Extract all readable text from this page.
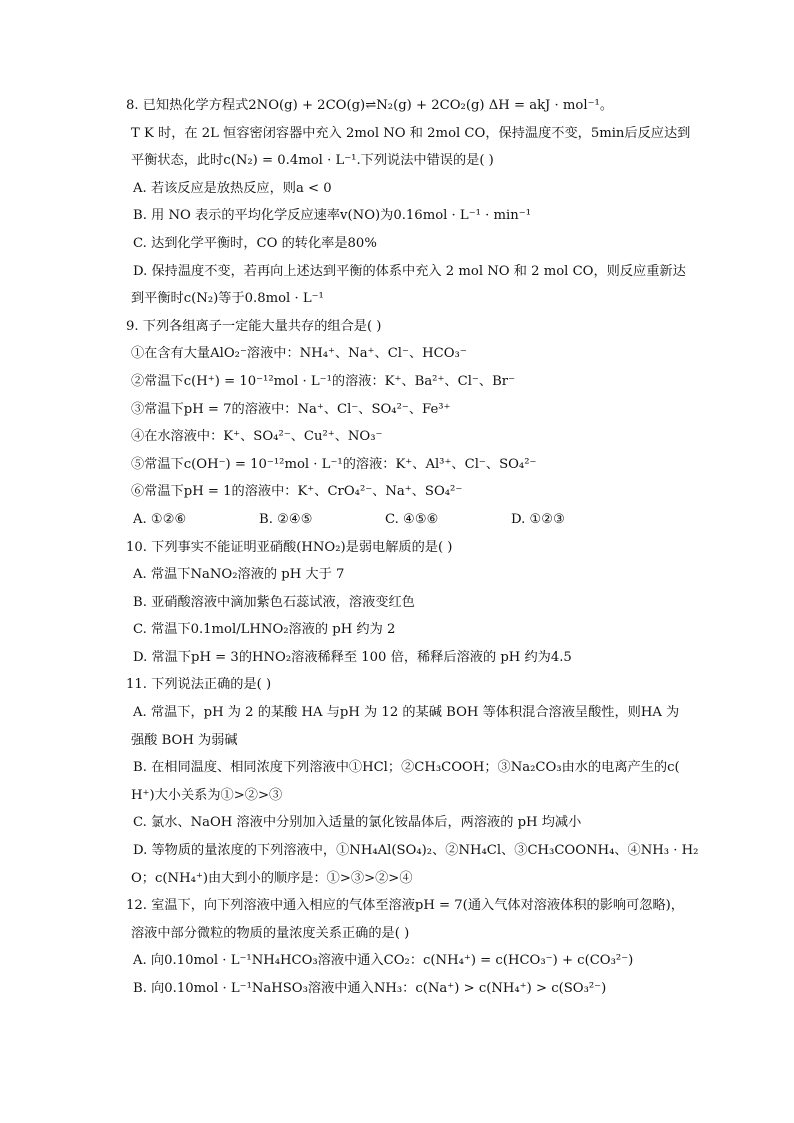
8. 已知热化学方程式2NO(g) + 2CO(g)⇌N₂(g) + 2CO₂(g) ΔH = akJ · mol⁻¹。
T K 时，在 2L 恒容密闭容器中充入 2mol NO 和 2mol CO，保持温度不变，5min后反应达到
平衡状态，此时c(N₂) = 0.4mol · L⁻¹.下列说法中错误的是( )
A. 若该反应是放热反应，则a < 0
B. 用 NO 表示的平均化学反应速率v(NO)为0.16mol · L⁻¹ · min⁻¹
C. 达到化学平衡时，CO 的转化率是80%
D. 保持温度不变，若再向上述达到平衡的体系中充入 2 mol NO 和 2 mol CO，则反应重新达
到平衡时c(N₂)等于0.8mol · L⁻¹
9. 下列各组离子一定能大量共存的组合是( )
①在含有大量AlO₂⁻溶液中：NH₄⁺、Na⁺、Cl⁻、HCO₃⁻
②常温下c(H⁺) = 10⁻¹²mol · L⁻¹的溶液：K⁺、Ba²⁺、Cl⁻、Br⁻
③常温下pH = 7的溶液中：Na⁺、Cl⁻、SO₄²⁻、Fe³⁺
④在水溶液中：K⁺、SO₄²⁻、Cu²⁺、NO₃⁻
⑤常温下c(OH⁻) = 10⁻¹²mol · L⁻¹的溶液：K⁺、Al³⁺、Cl⁻、SO₄²⁻
⑥常温下pH = 1的溶液中：K⁺、CrO₄²⁻、Na⁺、SO₄²⁻
A. ①②⑥	B. ②④⑤	C. ④⑤⑥	D. ①②③
10. 下列事实不能证明亚硝酸(HNO₂)是弱电解质的是( )
A. 常温下NaNO₂溶液的 pH 大于 7
B. 亚硝酸溶液中滴加紫色石蕊试液，溶液变红色
C. 常温下0.1mol/LHNO₂溶液的 pH 约为 2
D. 常温下pH = 3的HNO₂溶液稀释至 100 倍，稀释后溶液的 pH 约为4.5
11. 下列说法正确的是( )
A. 常温下，pH 为 2 的某酸 HA 与pH 为 12 的某碱 BOH 等体积混合溶液呈酸性，则HA 为
强酸 BOH 为弱碱
B. 在相同温度、相同浓度下列溶液中①HCl；②CH₃COOH；③Na₂CO₃由水的电离产生的c(
H⁺)大小关系为①>②>③
C. 氯水、NaOH 溶液中分别加入适量的氯化铵晶体后，两溶液的 pH 均减小
D. 等物质的量浓度的下列溶液中，①NH₄Al(SO₄)₂、②NH₄Cl、③CH₃COONH₄、④NH₃ · H₂
O；c(NH₄⁺)由大到小的顺序是：①>③>②>④
12. 室温下，向下列溶液中通入相应的气体至溶液pH = 7(通入气体对溶液体积的影响可忽略)，
溶液中部分微粒的物质的量浓度关系正确的是( )
A. 向0.10mol · L⁻¹NH₄HCO₃溶液中通入CO₂：c(NH₄⁺) = c(HCO₃⁻) + c(CO₃²⁻)
B. 向0.10mol · L⁻¹NaHSO₃溶液中通入NH₃：c(Na⁺) > c(NH₄⁺) > c(SO₃²⁻)
